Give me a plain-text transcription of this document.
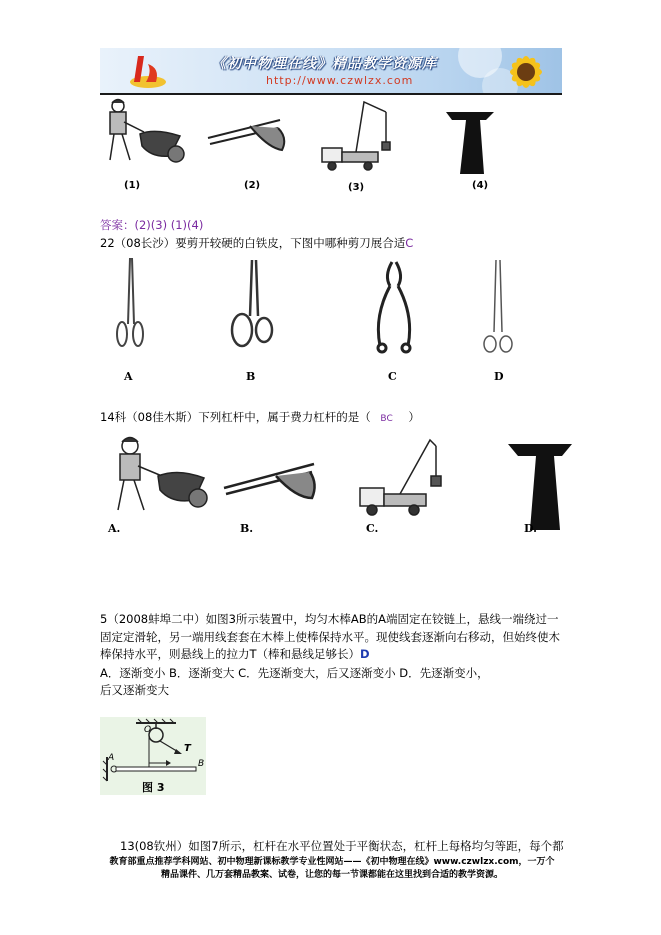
《初中物理在线》精品教学资源库
http://www.czwlzx.com
(1)	(2)	(3)	(4)
答案：(2)(3) (1)(4)
22（08长沙）要剪开较硬的白铁皮，下图中哪种剪刀展合适C
A	B	C	D
14科（08佳木斯）下列杠杆中，属于费力杠杆的是（ BC ）
A.	B.	C.	D.
5（2008蚌埠二中）如图3所示装置中，均匀木棒AB的A端固定在铰链上，悬线一端绕过一固定定滑轮，另一端用线套套在木棒上使棒保持水平。现使线套逐渐向右移动，但始终使木棒保持水平，则悬线上的拉力T（棒和悬线足够长）D
A．逐渐变小 B．逐渐变大 C．先逐渐变大，后又逐渐变小 D．先逐渐变小，
后又逐渐变大
T
A
B
O
图 3
13(08钦州）如图7所示，杠杆在水平位置处于平衡状态，杠杆上每格均匀等距，每个都
教育部重点推荐学科网站、初中物理新课标教学专业性网站——《初中物理在线》www.czwlzx.com，一万个
精品课件、几万套精品教案、试卷，让您的每一节课都能在这里找到合适的教学资源。
